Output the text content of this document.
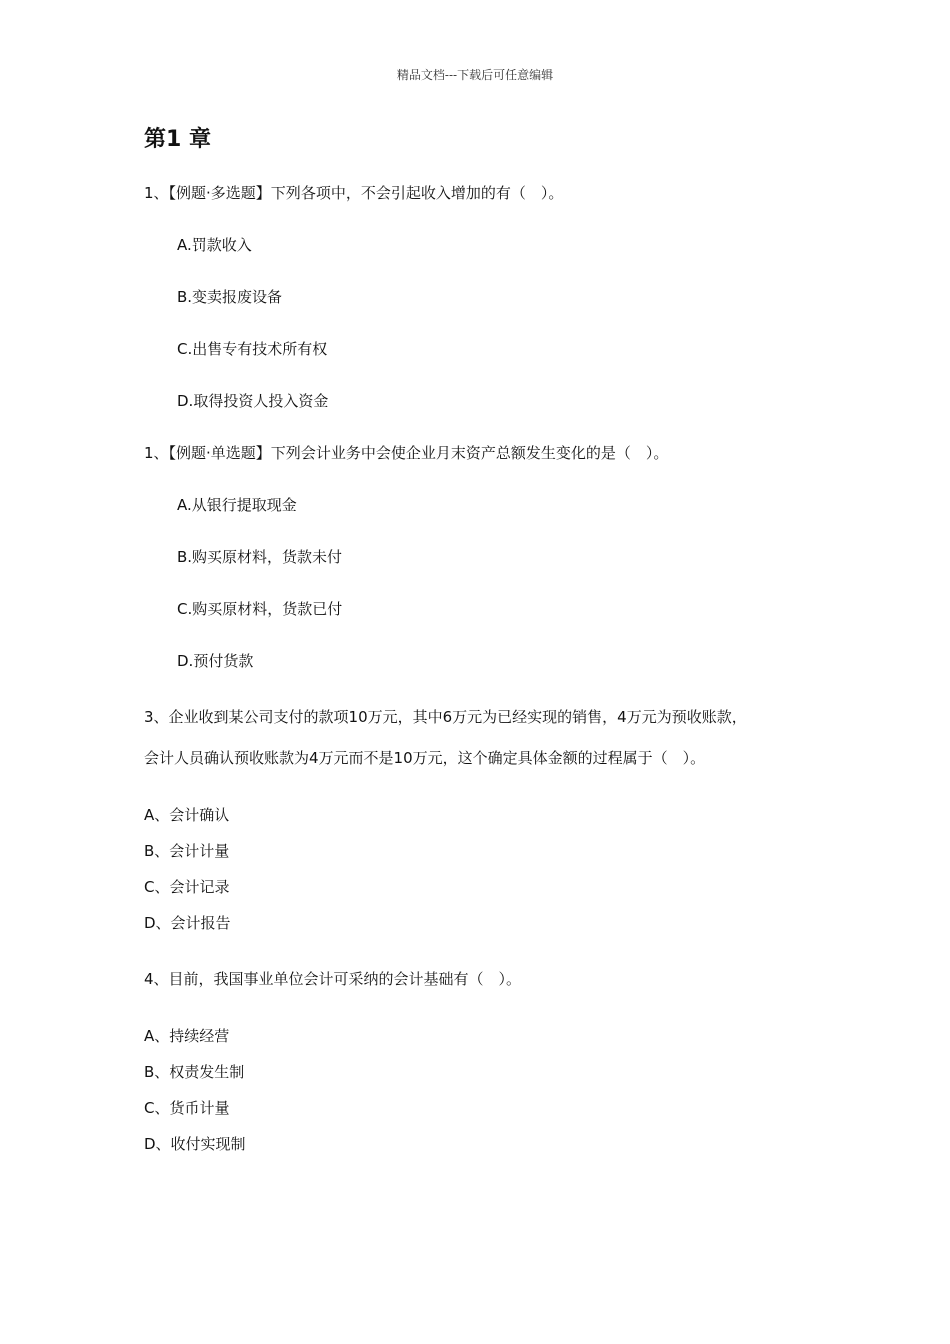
精品文档---下载后可任意编辑
第1 章
1、【例题·多选题】下列各项中，不会引起收入增加的有（　）。
A.罚款收入
B.变卖报废设备
C.出售专有技术所有权
D.取得投资人投入资金
1、【例题·单选题】下列会计业务中会使企业月末资产总额发生变化的是（　）。
A.从银行提取现金
B.购买原材料，货款未付
C.购买原材料，货款已付
D.预付货款
3、企业收到某公司支付的款项10万元，其中6万元为已经实现的销售，4万元为预收账款，
会计人员确认预收账款为4万元而不是10万元，这个确定具体金额的过程属于（　）。
A、会计确认
B、会计计量
C、会计记录
D、会计报告
4、目前，我国事业单位会计可采纳的会计基础有（　）。
A、持续经营
B、权责发生制
C、货币计量
D、收付实现制
